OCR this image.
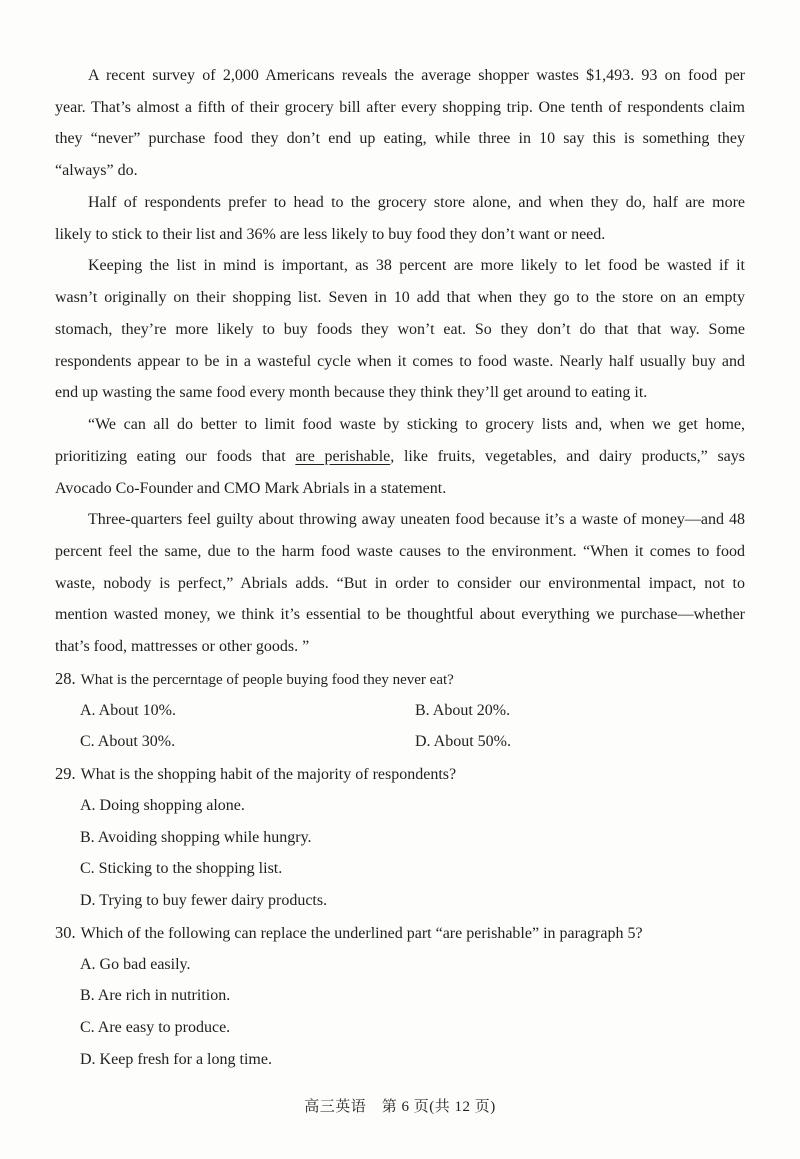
A recent survey of 2,000 Americans reveals the average shopper wastes $1,493. 93 on food per
year. That’s almost a fifth of their grocery bill after every shopping trip. One tenth of respondents claim
they “never” purchase food they don’t end up eating, while three in 10 say this is something they
“always” do.
Half of respondents prefer to head to the grocery store alone, and when they do, half are more
likely to stick to their list and 36% are less likely to buy food they don’t want or need.
Keeping the list in mind is important, as 38 percent are more likely to let food be wasted if it
wasn’t originally on their shopping list. Seven in 10 add that when they go to the store on an empty
stomach, they’re more likely to buy foods they won’t eat. So they don’t do that that way. Some
respondents appear to be in a wasteful cycle when it comes to food waste. Nearly half usually buy and
end up wasting the same food every month because they think they’ll get around to eating it.
“We can all do better to limit food waste by sticking to grocery lists and, when we get home,
prioritizing eating our foods that are perishable, like fruits, vegetables, and dairy products,” says
Avocado Co-Founder and CMO Mark Abrials in a statement.
Three-quarters feel guilty about throwing away uneaten food because it’s a waste of money—and 48
percent feel the same, due to the harm food waste causes to the environment. “When it comes to food
waste, nobody is perfect,” Abrials adds. “But in order to consider our environmental impact, not to
mention wasted money, we think it’s essential to be thoughtful about everything we purchase—whether
that’s food, mattresses or other goods. ”
28. What is the percerntage of people buying food they never eat?
A. About 10%.	B. About 20%.
C. About 30%.	D. About 50%.
29. What is the shopping habit of the majority of respondents?
A. Doing shopping alone.
B. Avoiding shopping while hungry.
C. Sticking to the shopping list.
D. Trying to buy fewer dairy products.
30. Which of the following can replace the underlined part “are perishable” in paragraph 5?
A. Go bad easily.
B. Are rich in nutrition.
C. Are easy to produce.
D. Keep fresh for a long time.
高三英语　第 6 页(共 12 页)
